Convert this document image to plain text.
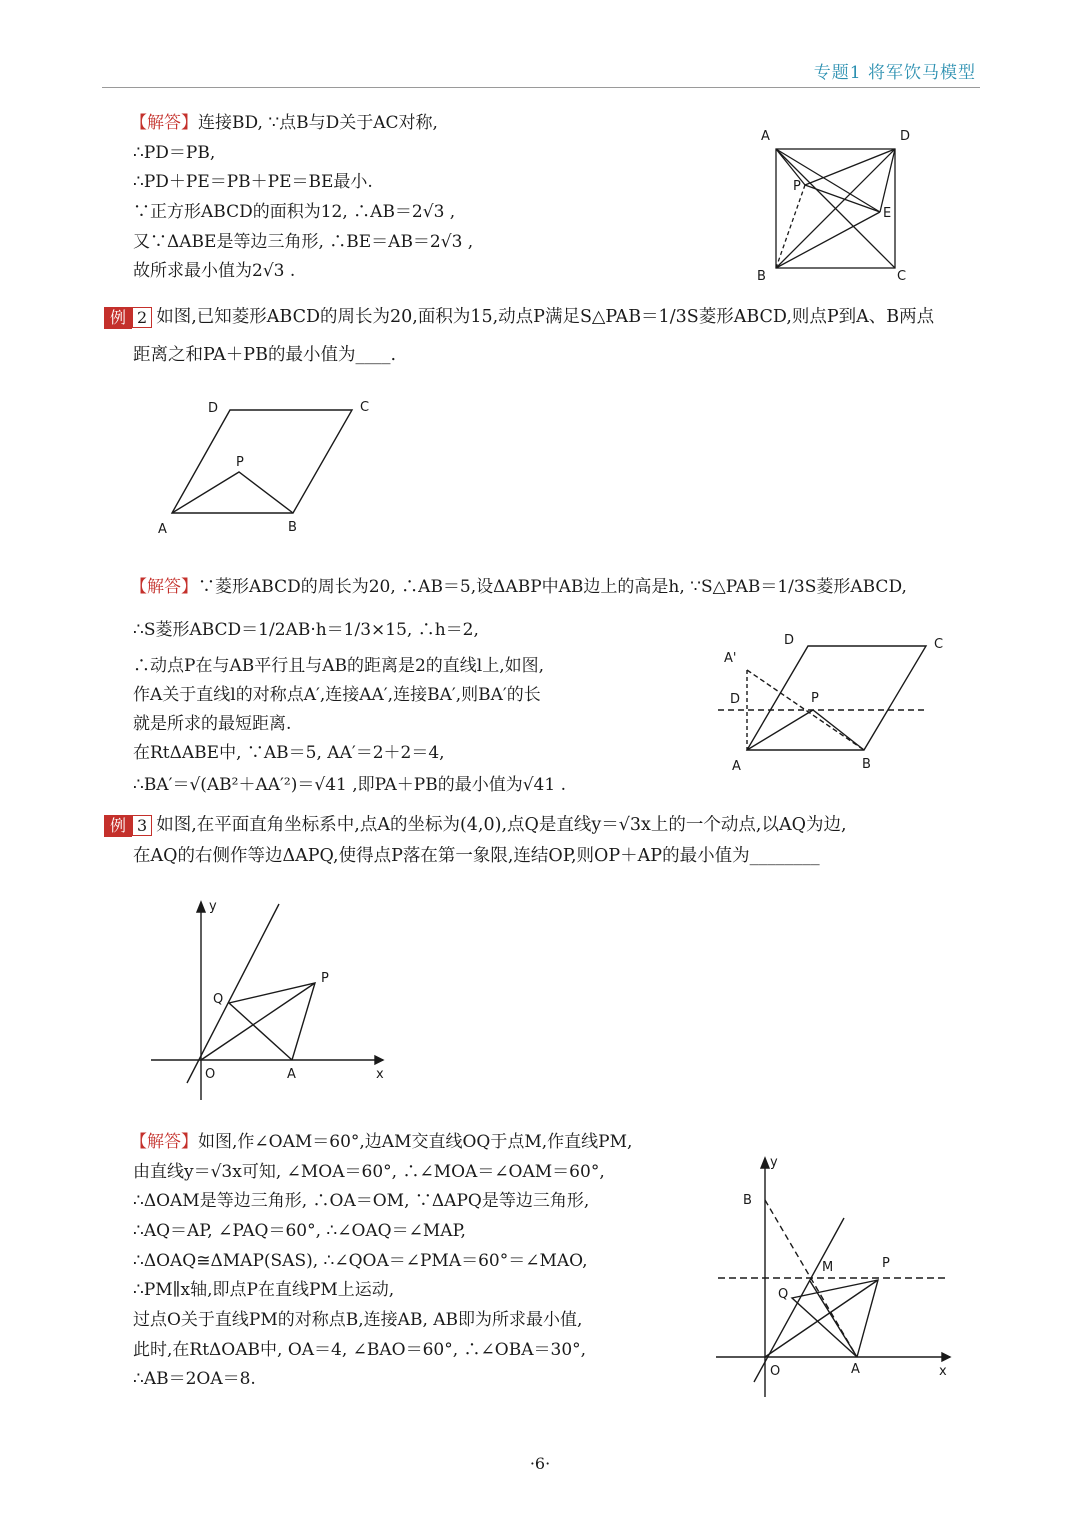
专题1 将军饮马模型
【解答】连接BD, ∵点B与D关于AC对称,
∴PD＝PB,
∴PD＋PE＝PB＋PE＝BE最小.
∵正方形ABCD的面积为12, ∴AB＝2√3 ,
又∵ΔABE是等边三角形, ∴BE＝AB＝2√3 ,
故所求最小值为2√3 .
A	D
P
E
B	C
例 2 如图,已知菱形ABCD的周长为20,面积为15,动点P满足S△PAB＝1/3S菱形ABCD,则点P到A、B两点
距离之和PA＋PB的最小值为____.
D	C
P
A	B
【解答】∵菱形ABCD的周长为20, ∴AB＝5,设ΔABP中AB边上的高是h, ∵S△PAB＝1/3S菱形ABCD,
∴S菱形ABCD＝1/2AB·h＝1/3×15, ∴h＝2,
∴动点P在与AB平行且与AB的距离是2的直线l上,如图,
作A关于直线l的对称点A′,连接AA′,连接BA′,则BA′的长
就是所求的最短距离.
在RtΔABE中, ∵AB＝5, AA′＝2＋2＝4,
∴BA′＝√(AB²＋AA′²)＝√41 ,即PA＋PB的最小值为√41 .
D	C
A'
D	P
A	B
例 3 如图,在平面直角坐标系中,点A的坐标为(4,0),点Q是直线y＝√3x上的一个动点,以AQ为边,
在AQ的右侧作等边ΔAPQ,使得点P落在第一象限,连结OP,则OP＋AP的最小值为________
y
P
Q
O	A	x
【解答】如图,作∠OAM＝60°,边AM交直线OQ于点M,作直线PM,
由直线y＝√3x可知, ∠MOA＝60°, ∴∠MOA＝∠OAM＝60°,
∴ΔOAM是等边三角形, ∴OA＝OM, ∵ΔAPQ是等边三角形,
∴AQ＝AP, ∠PAQ＝60°, ∴∠OAQ＝∠MAP,
∴ΔOAQ≅ΔMAP(SAS), ∴∠QOA＝∠PMA＝60°＝∠MAO,
∴PM∥x轴,即点P在直线PM上运动,
过点O关于直线PM的对称点B,连接AB, AB即为所求最小值,
此时,在RtΔOAB中, OA＝4, ∠BAO＝60°, ∴∠OBA＝30°,
∴AB＝2OA＝8.
y
B
M	P
Q
O	A	x
·6·
